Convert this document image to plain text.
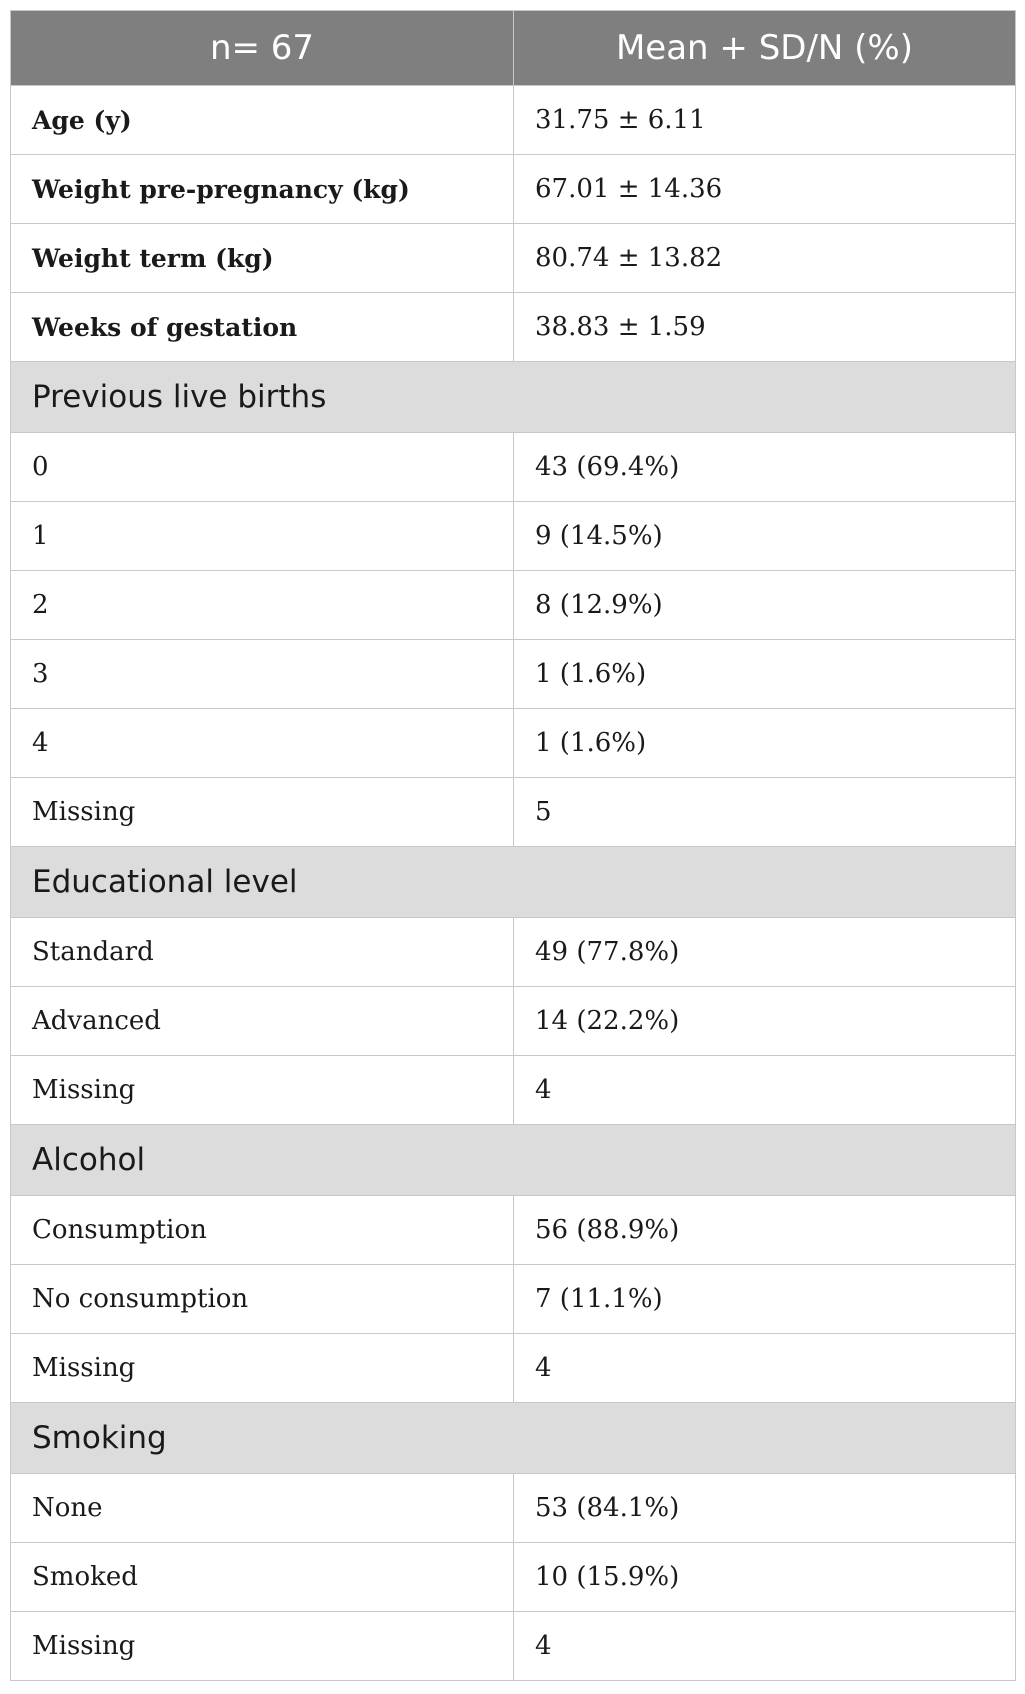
n= 67	Mean + SD/N (%)
Age (y)	31.75 ± 6.11
Weight pre-pregnancy (kg)	67.01 ± 14.36
Weight term (kg)	80.74 ± 13.82
Weeks of gestation	38.83 ± 1.59
Previous live births	
0	43 (69.4%)
1	9 (14.5%)
2	8 (12.9%)
3	1 (1.6%)
4	1 (1.6%)
Missing	5
Educational level	
Standard	49 (77.8%)
Advanced	14 (22.2%)
Missing	4
Alcohol	
Consumption	56 (88.9%)
No consumption	7 (11.1%)
Missing	4
Smoking	
None	53 (84.1%)
Smoked	10 (15.9%)
Missing	4
